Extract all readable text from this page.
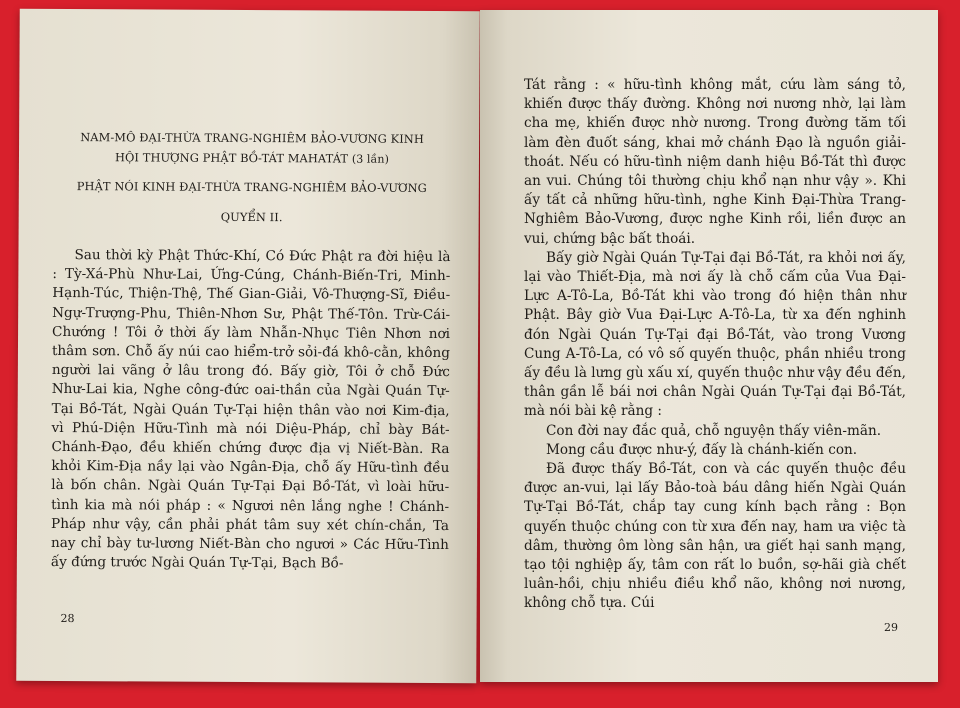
NAM-MÔ ĐẠI-THỪA TRANG-NGHIÊM BẢO-VƯƠNG KINH

HỘI THƯỢNG PHẬT BỒ-TÁT MAHATÁT (3 lần)

PHẬT NÓI KINH ĐẠI-THỪA TRANG-NGHIÊM BẢO-VƯƠNG

QUYỂN II.

Sau thời kỳ Phật Thức-Khí, Có Đức Phật ra đời hiệu là : Tỳ-Xá-Phù Như-Lai, Ứng-Cúng, Chánh-Biến-Tri, Minh-Hạnh-Túc, Thiện-Thệ, Thế Gian-Giải, Vô-Thượng-Sĩ, Điều-Ngự-Trượng-Phu, Thiên-Nhơn Sư, Phật Thế-Tôn. Trừ-Cái-Chướng ! Tôi ở thời ấy làm Nhẫn-Nhục Tiên Nhơn nơi thâm sơn. Chỗ ấy núi cao hiểm-trở sỏi-đá khô-cằn, không người lai vãng ở lâu trong đó. Bấy giờ, Tôi ở chỗ Đức Như-Lai kia, Nghe công-đức oai-thần của Ngài Quán Tự-Tại Bồ-Tát, Ngài Quán Tự-Tại hiện thân vào nơi Kim-địa, vì Phú-Diện Hữu-Tình mà nói Diệu-Pháp, chỉ bày Bát-Chánh-Đạo, đều khiến chứng được địa vị Niết-Bàn. Ra khỏi Kim-Địa nầy lại vào Ngân-Địa, chỗ ấy Hữu-tình đều là bốn chân. Ngài Quán Tự-Tại Đại Bồ-Tát, vì loài hữu-tình kia mà nói pháp : « Ngươi nên lắng nghe ! Chánh-Pháp như vậy, cần phải phát tâm suy xét chín-chắn, Ta nay chỉ bày tư-lương Niết-Bàn cho ngươi » Các Hữu-Tình ấy đứng trước Ngài Quán Tự-Tại, Bạch Bồ-

28

Tát rằng : « hữu-tình không mắt, cứu làm sáng tỏ, khiến được thấy đường. Không nơi nương nhờ, lại làm cha mẹ, khiến được nhờ nương. Trong đường tăm tối làm đèn đuốt sáng, khai mở chánh Đạo là nguồn giải-thoát. Nếu có hữu-tình niệm danh hiệu Bồ-Tát thì được an vui. Chúng tôi thường chịu khổ nạn như vậy ». Khi ấy tất cả những hữu-tình, nghe Kinh Đại-Thừa Trang-Nghiêm Bảo-Vương, được nghe Kinh rồi, liền được an vui, chứng bậc bất thoái.

Bấy giờ Ngài Quán Tự-Tại đại Bồ-Tát, ra khỏi nơi ấy, lại vào Thiết-Địa, mà nơi ấy là chỗ cấm của Vua Đại-Lực A-Tô-La, Bồ-Tát khi vào trong đó hiện thân như Phật. Bây giờ Vua Đại-Lực A-Tô-La, từ xa đến nghinh đón Ngài Quán Tự-Tại đại Bồ-Tát, vào trong Vương Cung A-Tô-La, có vô số quyến thuộc, phần nhiều trong ấy đều là lưng gù xấu xí, quyến thuộc như vậy đều đến, thân gần lễ bái nơi chân Ngài Quán Tự-Tại đại Bồ-Tát, mà nói bài kệ rằng :

Con đời nay đắc quả, chỗ nguyện thấy viên-mãn.

Mong cầu được như-ý, đấy là chánh-kiến con.

Đã được thấy Bồ-Tát, con và các quyến thuộc đều được an-vui, lại lấy Bảo-toà báu dâng hiến Ngài Quán Tự-Tại Bồ-Tát, chắp tay cung kính bạch rằng : Bọn quyến thuộc chúng con từ xưa đến nay, ham ưa việc tà dâm, thường ôm lòng sân hận, ưa giết hại sanh mạng, tạo tội nghiệp ấy, tâm con rất lo buồn, sợ-hãi già chết luân-hồi, chịu nhiều điều khổ não, không nơi nương, không chỗ tựa. Cúi

29
